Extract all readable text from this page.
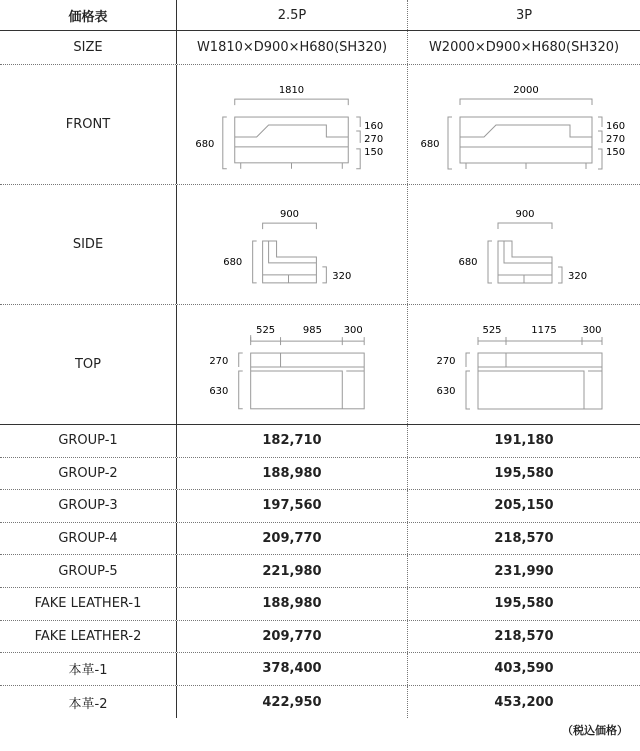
価格表	2.5P	3P
SIZE	W1810×D900×H680(SH320)	W2000×D900×H680(SH320)
FRONT
1810
680
160
270
150
2000
680
160
270
150
SIDE
900
680
320
900
680
320
TOP
525	985 300
270
630
525	1175	300
270
630
GROUP-1	182,710	191,180
GROUP-2	188,980	195,580
GROUP-3	197,560	205,150
GROUP-4	209,770	218,570
GROUP-5	221,980	231,990
FAKE LEATHER-1	188,980	195,580
FAKE LEATHER-2	209,770	218,570
本革-1	378,400	403,590
本革-2	422,950	453,200
（税込価格）
